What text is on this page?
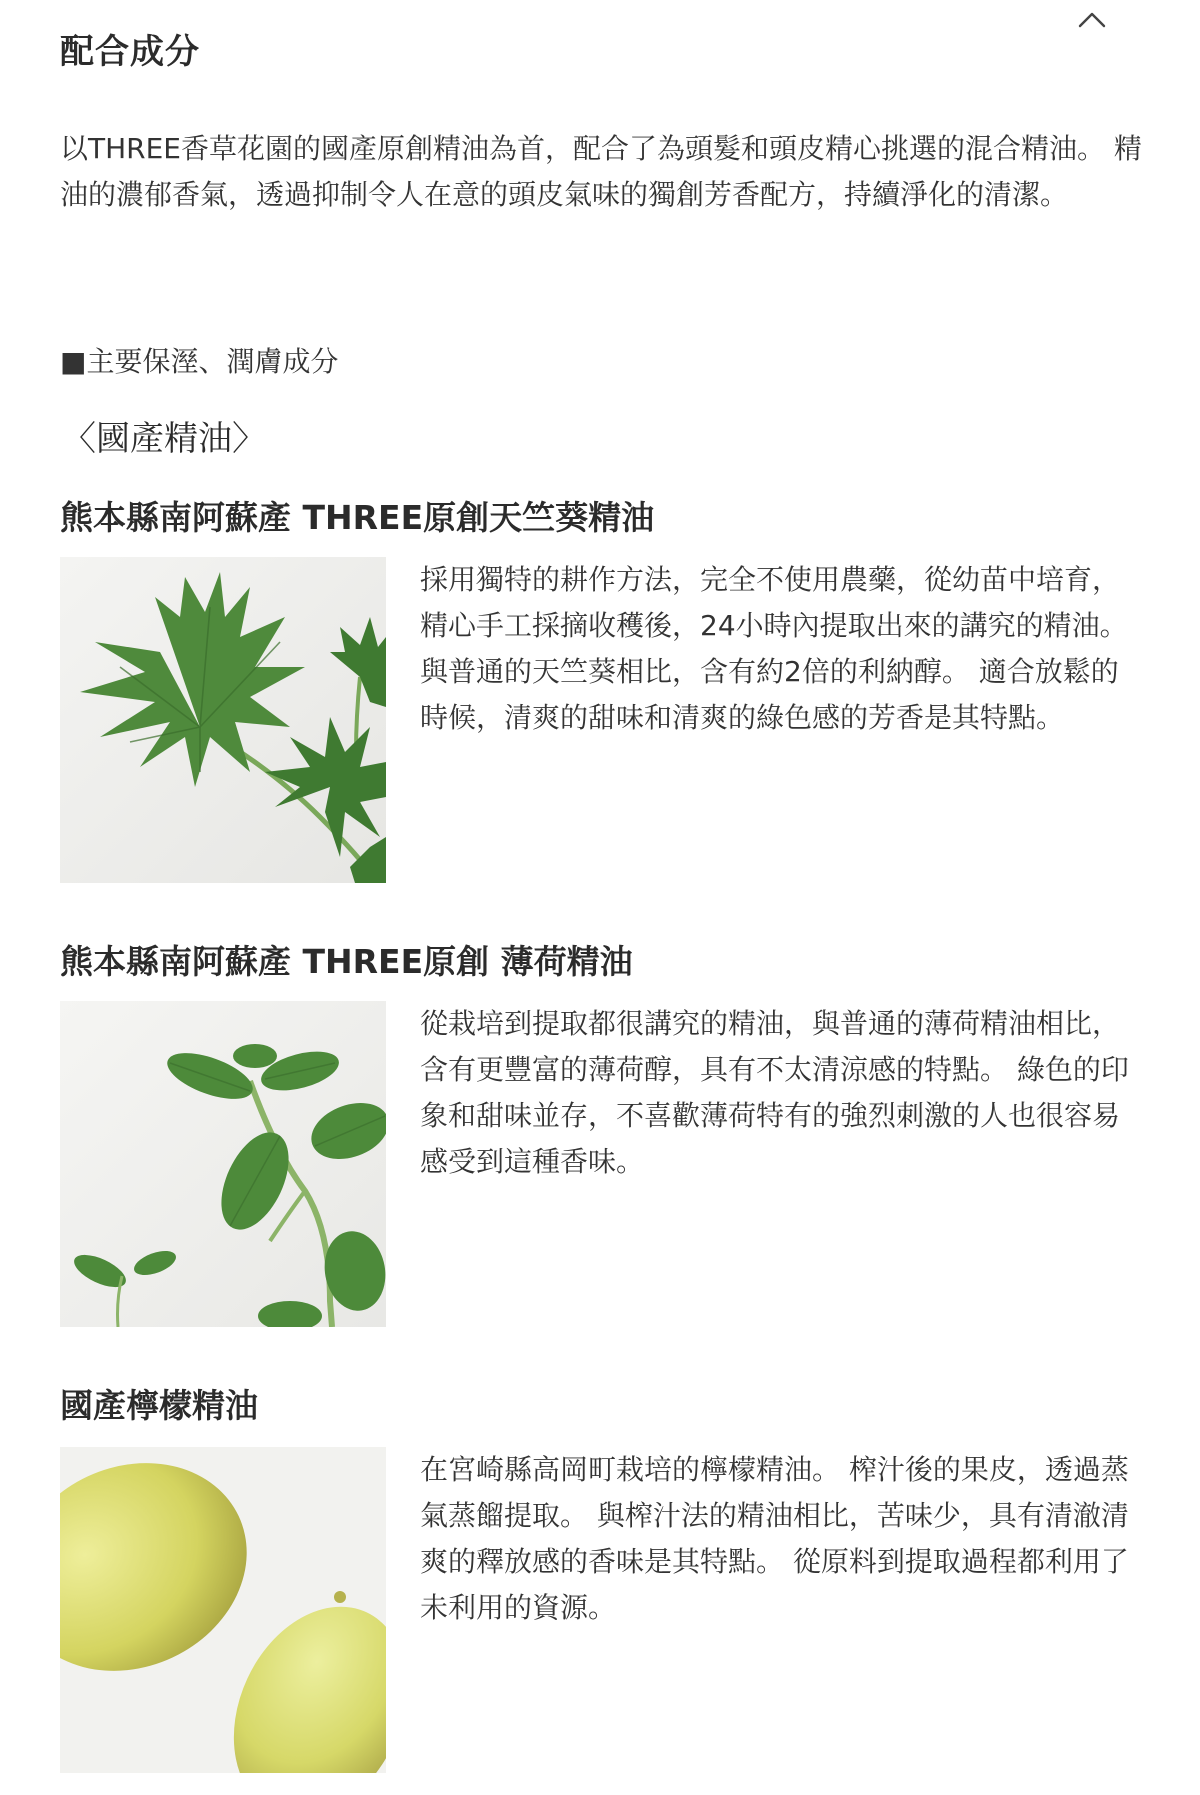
配合成分

以THREE香草花園的國產原創精油為首，配合了為頭髮和頭皮精心挑選的混合精油。 精油的濃郁香氣，透過抑制令人在意的頭皮氣味的獨創芳香配方，持續淨化的清潔。

■主要保溼、潤膚成分

〈國產精油〉

熊本縣南阿蘇產 THREE原創天竺葵精油

採用獨特的耕作方法，完全不使用農藥，從幼苗中培育，精心手工採摘收穫後，24小時內提取出來的講究的精油。 與普通的天竺葵相比，含有約2倍的利納醇。 適合放鬆的時候，清爽的甜味和清爽的綠色感的芳香是其特點。

熊本縣南阿蘇產 THREE原創 薄荷精油

從栽培到提取都很講究的精油，與普通的薄荷精油相比，含有更豐富的薄荷醇，具有不太清涼感的特點。 綠色的印象和甜味並存，不喜歡薄荷特有的強烈刺激的人也很容易感受到這種香味。

國產檸檬精油

在宮崎縣高岡町栽培的檸檬精油。 榨汁後的果皮，透過蒸氣蒸餾提取。 與榨汁法的精油相比，苦味少，具有清澈清爽的釋放感的香味是其特點。 從原料到提取過程都利用了未利用的資源。
